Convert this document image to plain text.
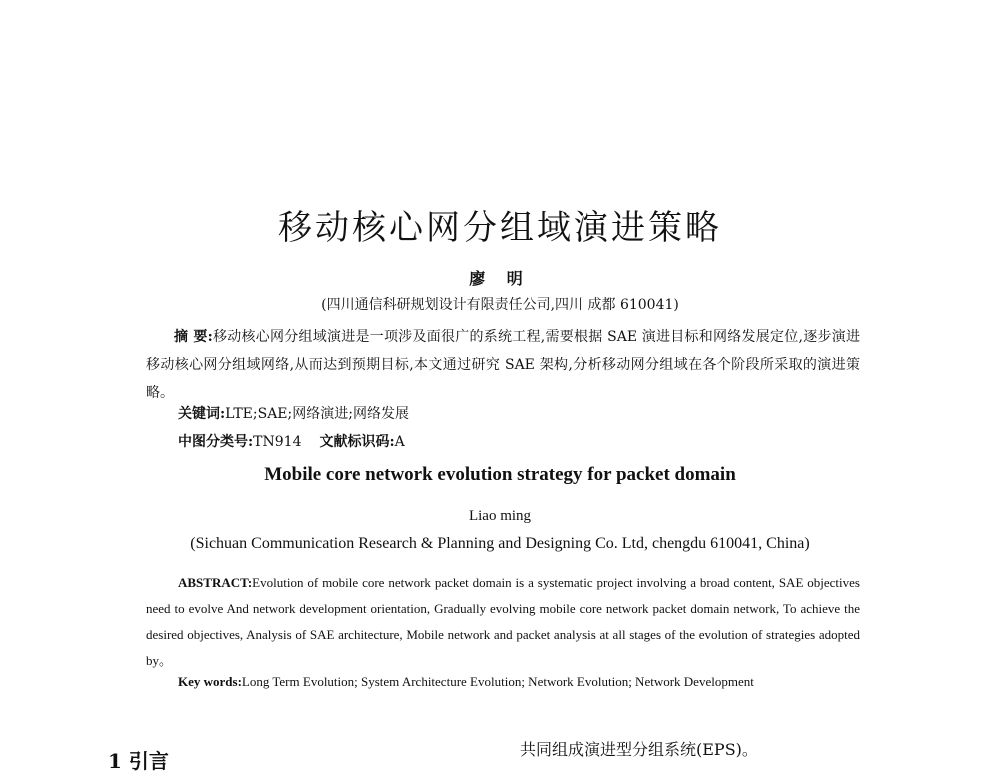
移动核心网分组域演进策略
廖 明
(四川通信科研规划设计有限责任公司,四川 成都 610041)
摘 要:移动核心网分组域演进是一项涉及面很广的系统工程,需要根据 SAE 演进目标和网络发展定位,逐步演进移动核心网分组域网络,从而达到预期目标,本文通过研究 SAE 架构,分析移动网分组域在各个阶段所采取的演进策略。
关键词:LTE;SAE;网络演进;网络发展
中图分类号:TN914 文献标识码:A
Mobile core network evolution strategy for packet domain
Liao ming
(Sichuan Communication Research & Planning and Designing Co. Ltd, chengdu 610041, China)
ABSTRACT:Evolution of mobile core network packet domain is a systematic project involving a broad content, SAE objectives need to evolve And network development orientation, Gradually evolving mobile core network packet domain network, To achieve the desired objectives, Analysis of SAE architecture, Mobile network and packet analysis at all stages of the evolution of strategies adopted by。
Key words:Long Term Evolution; System Architecture Evolution; Network Evolution; Network Development
1 引言	共同组成演进型分组系统(EPS)。
